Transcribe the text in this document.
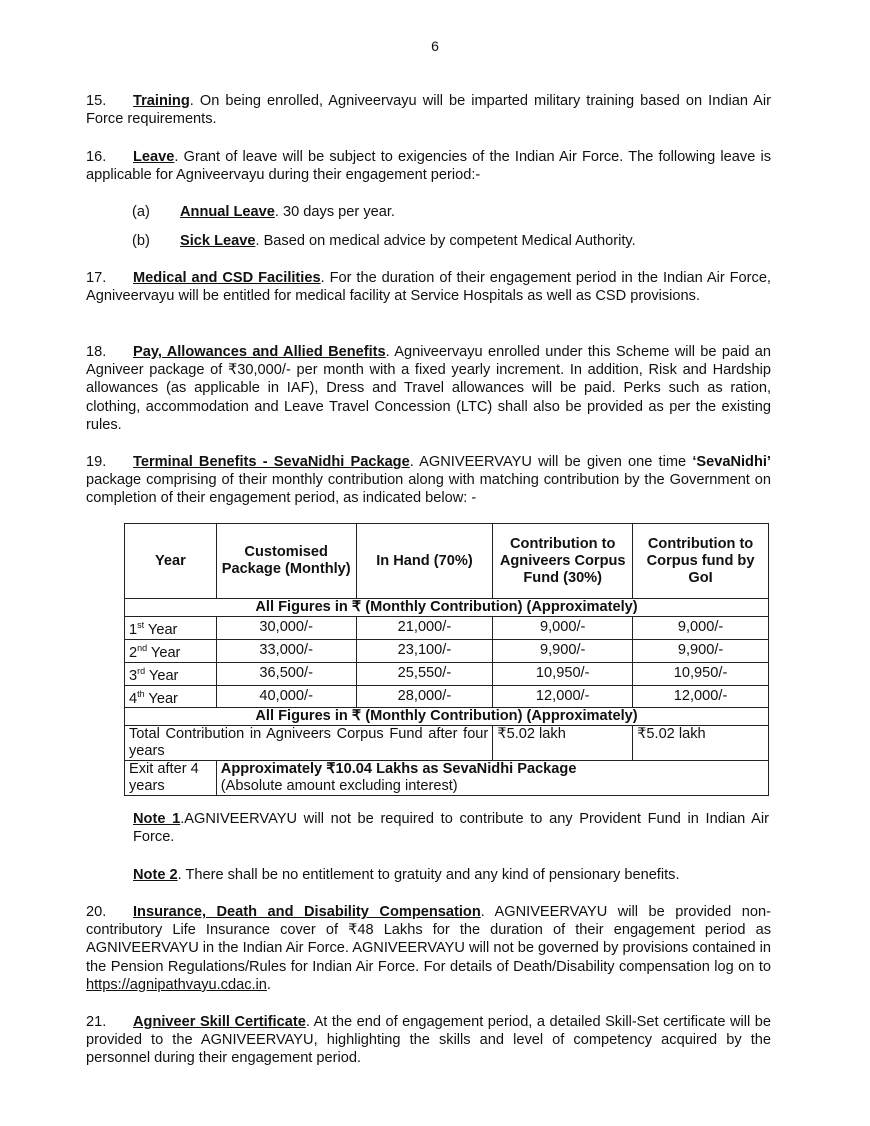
6
15. Training. On being enrolled, Agniveervayu will be imparted military training based on Indian Air Force requirements.
16. Leave. Grant of leave will be subject to exigencies of the Indian Air Force. The following leave is applicable for Agniveervayu during their engagement period:-
(a) Annual Leave. 30 days per year.
(b) Sick Leave. Based on medical advice by competent Medical Authority.
17. Medical and CSD Facilities. For the duration of their engagement period in the Indian Air Force, Agniveervayu will be entitled for medical facility at Service Hospitals as well as CSD provisions.
18. Pay, Allowances and Allied Benefits. Agniveervayu enrolled under this Scheme will be paid an Agniveer package of ₹30,000/- per month with a fixed yearly increment. In addition, Risk and Hardship allowances (as applicable in IAF), Dress and Travel allowances will be paid. Perks such as ration, clothing, accommodation and Leave Travel Concession (LTC) shall also be provided as per the existing rules.
19. Terminal Benefits - SevaNidhi Package. AGNIVEERVAYU will be given one time ‘SevaNidhi’ package comprising of their monthly contribution along with matching contribution by the Government on completion of their engagement period, as indicated below: -
Year	Customised Package (Monthly)	In Hand (70%)	Contribution to Agniveers Corpus Fund (30%)	Contribution to Corpus fund by GoI
All Figures in ₹ (Monthly Contribution) (Approximately)				
1st Year	30,000/-	21,000/-	9,000/-	9,000/-
2nd Year	33,000/-	23,100/-	9,900/-	9,900/-
3rd Year	36,500/-	25,550/-	10,950/-	10,950/-
4th Year	40,000/-	28,000/-	12,000/-	12,000/-
All Figures in ₹ (Monthly Contribution) (Approximately)				
Total Contribution in Agniveers Corpus Fund after four years			₹5.02 lakh	₹5.02 lakh
Exit after 4 years	Approximately ₹10.04 Lakhs as SevaNidhi Package
(Absolute amount excluding interest)			
Note 1.AGNIVEERVAYU will not be required to contribute to any Provident Fund in Indian Air Force.
Note 2. There shall be no entitlement to gratuity and any kind of pensionary benefits.
20. Insurance, Death and Disability Compensation. AGNIVEERVAYU will be provided non-contributory Life Insurance cover of ₹48 Lakhs for the duration of their engagement period as AGNIVEERVAYU in the Indian Air Force. AGNIVEERVAYU will not be governed by provisions contained in the Pension Regulations/Rules for Indian Air Force. For details of Death/Disability compensation log on to https://agnipathvayu.cdac.in.
21. Agniveer Skill Certificate. At the end of engagement period, a detailed Skill-Set certificate will be provided to the AGNIVEERVAYU, highlighting the skills and level of competency acquired by the personnel during their engagement period.
